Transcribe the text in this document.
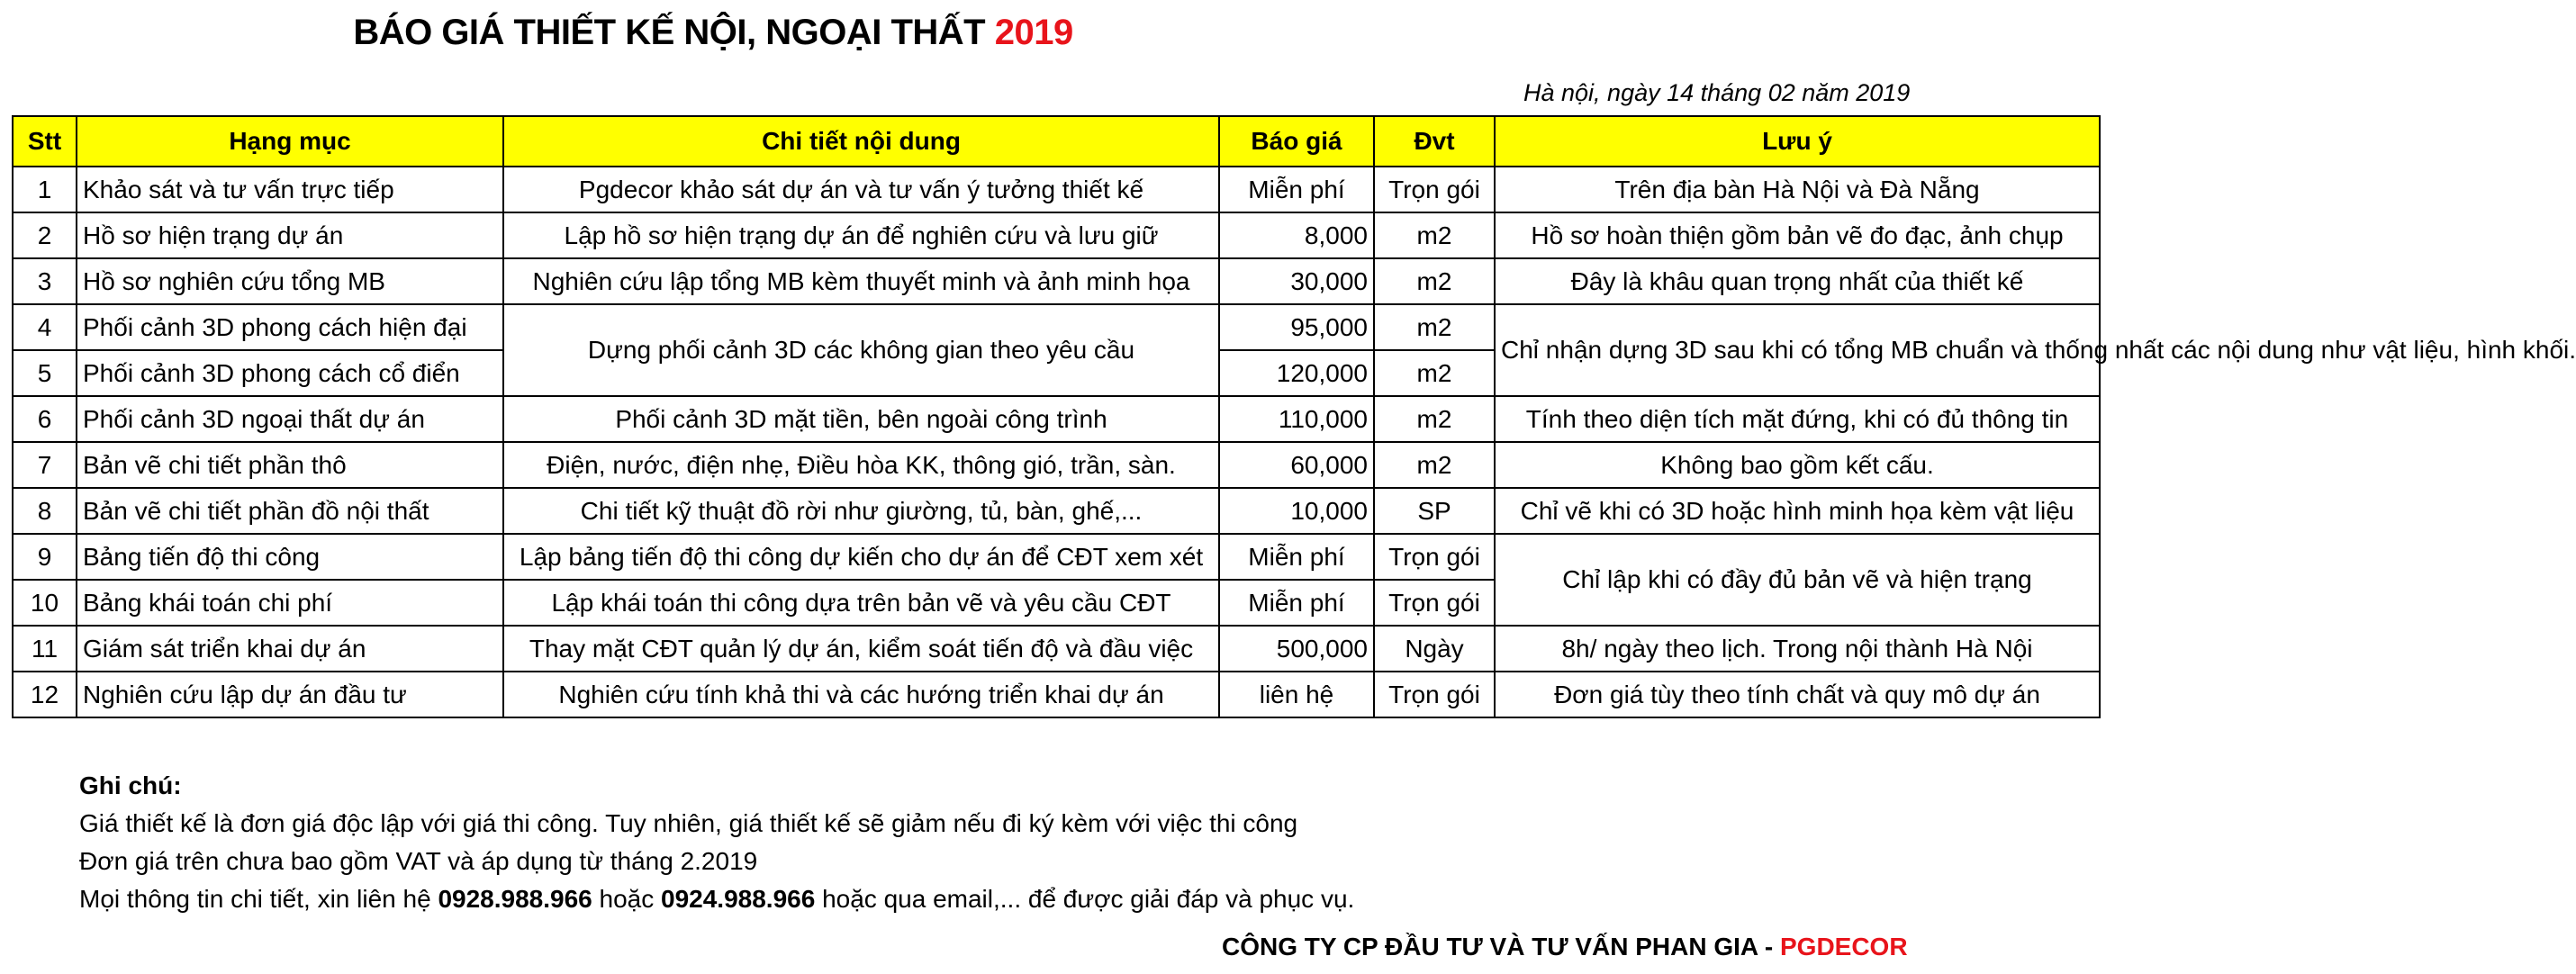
BÁO GIÁ THIẾT KẾ NỘI, NGOẠI THẤT 2019
Hà nội, ngày 14 tháng 02 năm 2019
Stt	Hạng mục	Chi tiết nội dung	Báo giá	Đvt	Lưu ý
1	Khảo sát và tư vấn trực tiếp	Pgdecor khảo sát dự án và tư vấn ý tưởng thiết kế	Miễn phí	Trọn gói	Trên địa bàn Hà Nội và Đà Nẵng
2	Hồ sơ hiện trạng dự án	Lập hồ sơ hiện trạng dự án để nghiên cứu và lưu giữ	8,000	m2	Hồ sơ hoàn thiện gồm bản vẽ đo đạc, ảnh chụp
3	Hồ sơ nghiên cứu tổng MB	Nghiên cứu lập tổng MB kèm thuyết minh và ảnh minh họa	30,000	m2	Đây là khâu quan trọng nhất của thiết kế
4	Phối cảnh 3D phong cách hiện đại	Dựng phối cảnh 3D các không gian theo yêu cầu	95,000	m2	Chỉ nhận dựng 3D sau khi có tổng MB chuẩn và thống nhất các nội dung như vật liệu, hình khối.
5	Phối cảnh 3D phong cách cổ điển		120,000	m2	
6	Phối cảnh 3D ngoại thất dự án	Phối cảnh 3D mặt tiền, bên ngoài công trình	110,000	m2	Tính theo diện tích mặt đứng, khi có đủ thông tin
7	Bản vẽ chi tiết phần thô	Điện, nước, điện nhẹ, Điều hòa KK, thông gió, trần, sàn.	60,000	m2	Không bao gồm kết cấu.
8	Bản vẽ chi tiết phần đồ nội thất	Chi tiết kỹ thuật đồ rời như giường, tủ, bàn, ghế,...	10,000	SP	Chỉ vẽ khi có 3D hoặc hình minh họa kèm vật liệu
9	Bảng tiến độ thi công	Lập bảng tiến độ thi công dự kiến cho dự án để CĐT xem xét	Miễn phí	Trọn gói	Chỉ lập khi có đầy đủ bản vẽ và hiện trạng
10	Bảng khái toán chi phí	Lập khái toán thi công dựa trên bản vẽ và yêu cầu CĐT	Miễn phí	Trọn gói	
11	Giám sát triển khai dự án	Thay mặt CĐT quản lý dự án, kiểm soát tiến độ và đầu việc	500,000	Ngày	8h/ ngày theo lịch. Trong nội thành Hà Nội
12	Nghiên cứu lập dự án đầu tư	Nghiên cứu tính khả thi và các hướng triển khai dự án	liên hệ	Trọn gói	Đơn giá tùy theo tính chất và quy mô dự án
Ghi chú:
Giá thiết kế là đơn giá độc lập với giá thi công. Tuy nhiên, giá thiết kế sẽ giảm nếu đi ký kèm với việc thi công
Đơn giá trên chưa bao gồm VAT và áp dụng từ tháng 2.2019
Mọi thông tin chi tiết, xin liên hệ 0928.988.966 hoặc 0924.988.966 hoặc qua email,... để được giải đáp và phục vụ.
CÔNG TY CP ĐẦU TƯ VÀ TƯ VẤN PHAN GIA - PGDECOR
